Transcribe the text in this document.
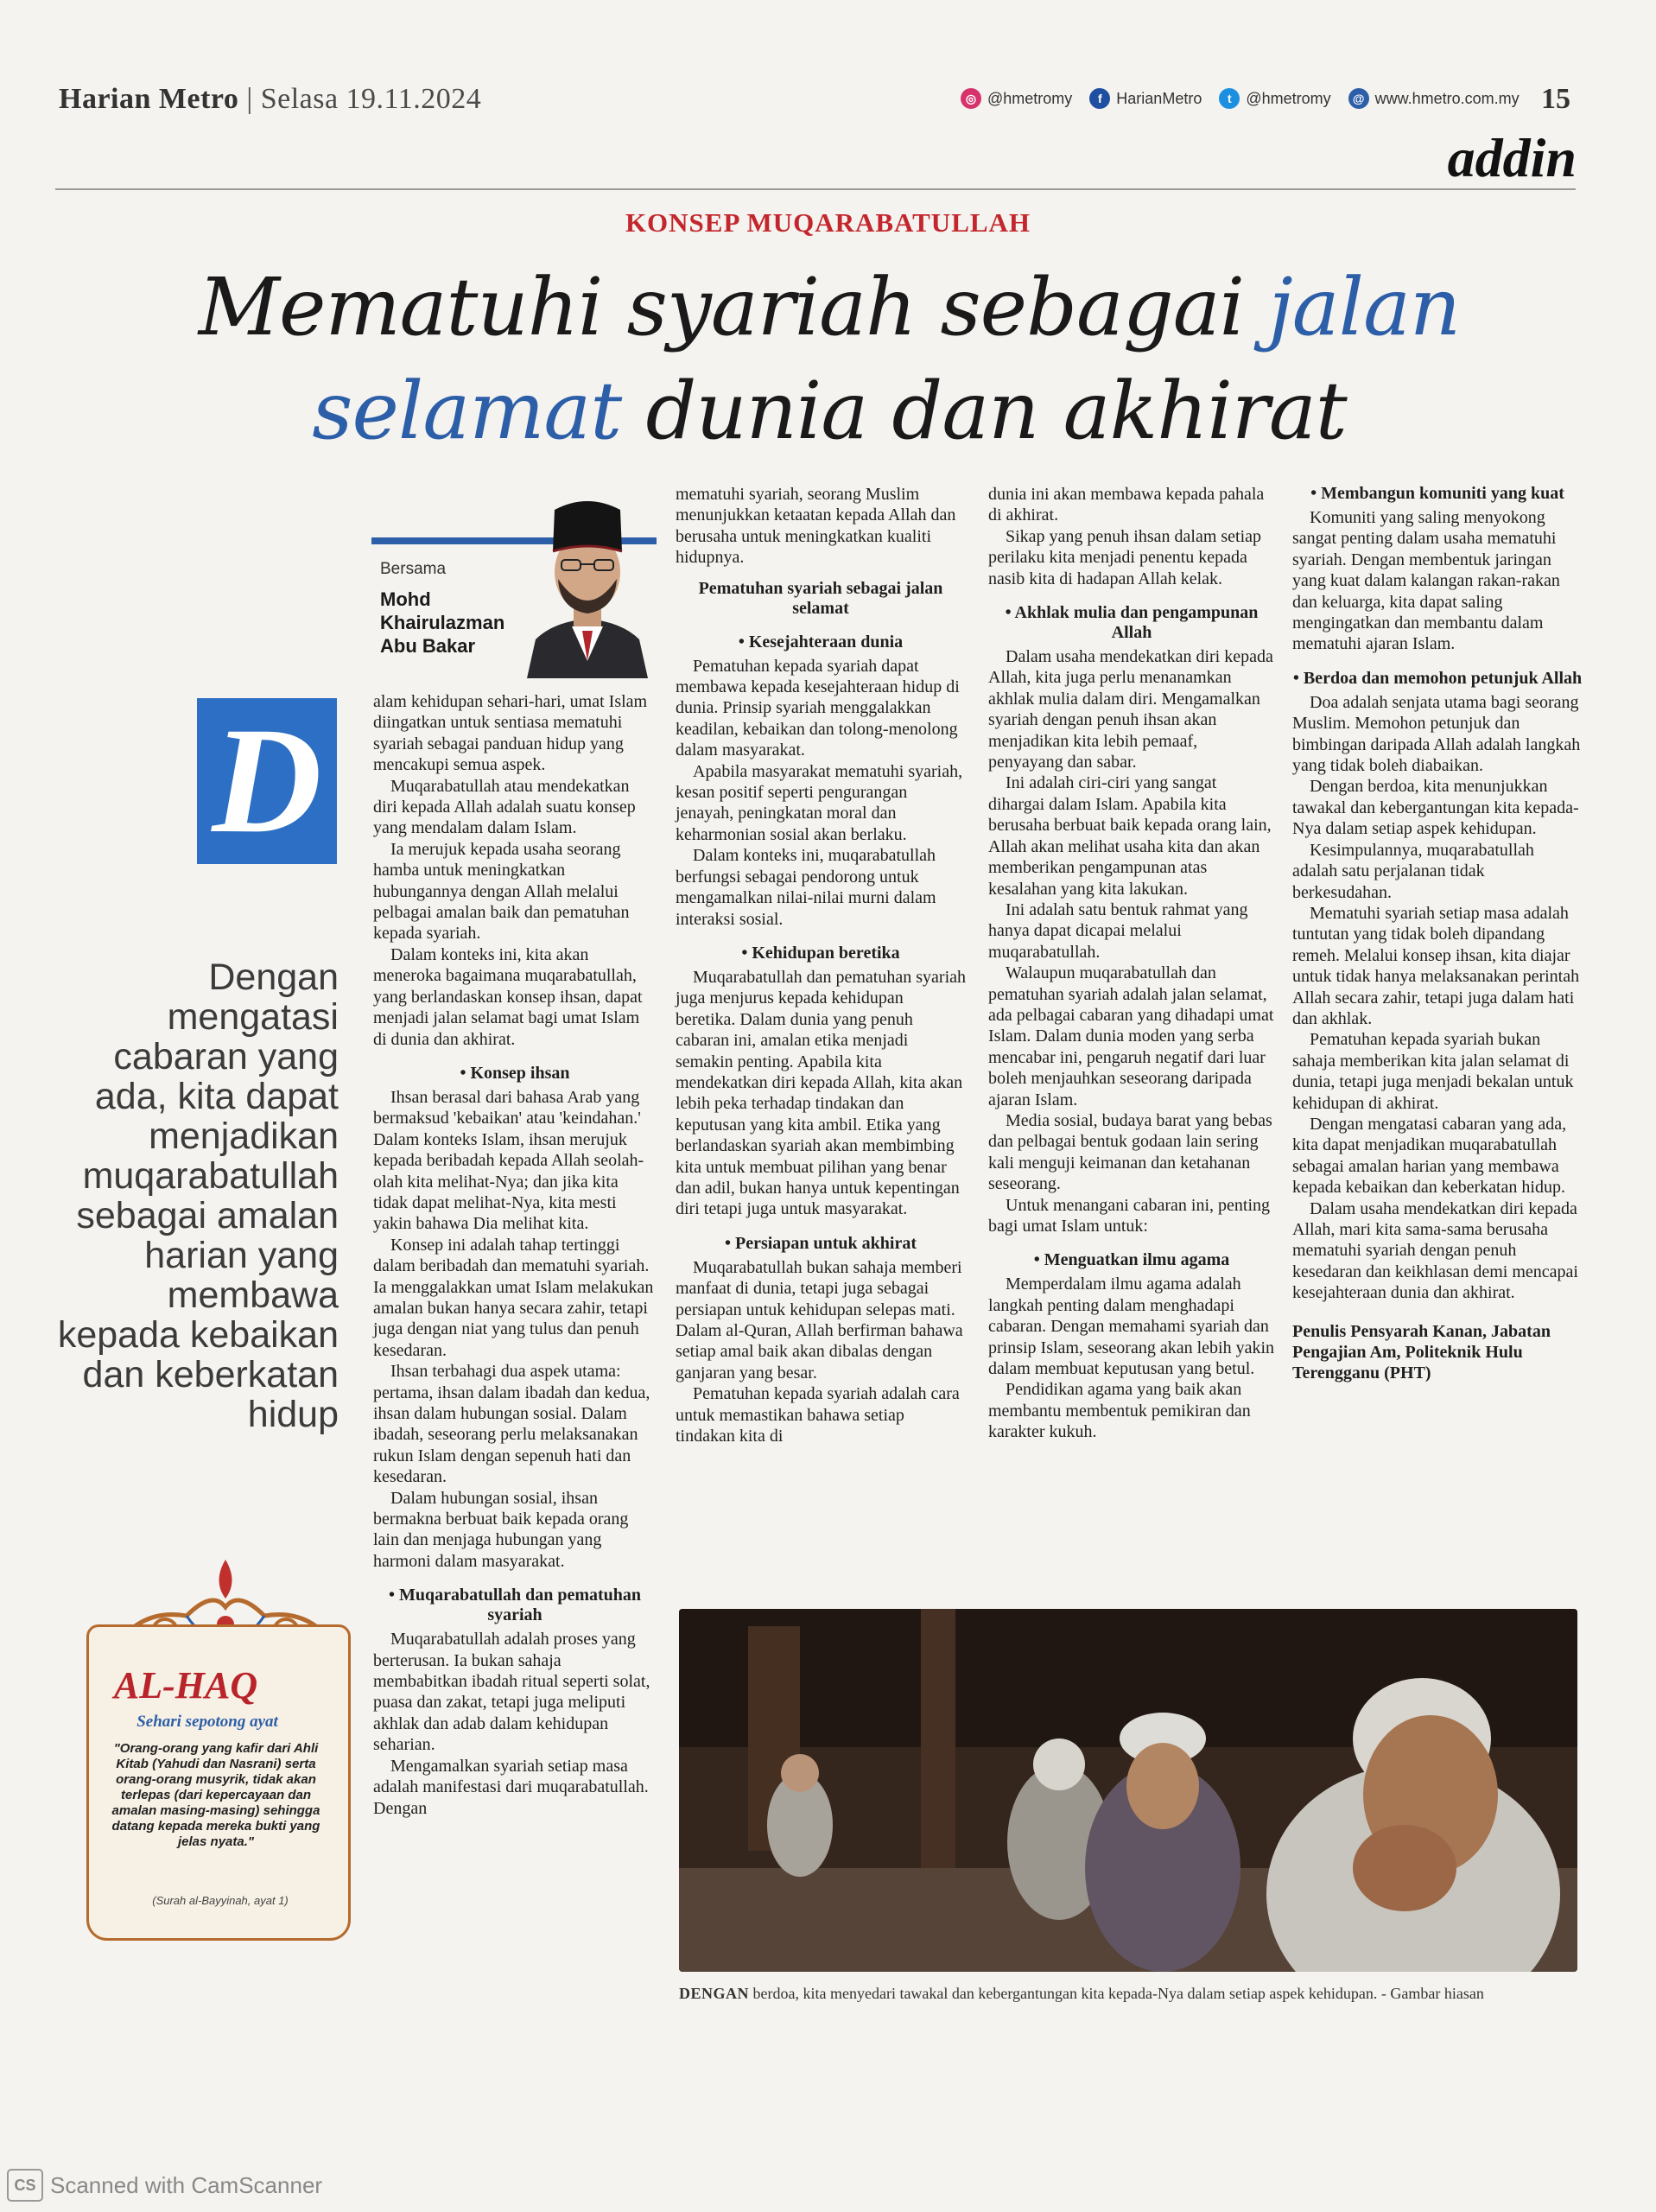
Harian Metro | Selasa 19.11.2024	◎ @hmetromy	f HarianMetro	t @hmetromy	@ www.hmetro.com.my 15
addin
KONSEP MUQARABATULLAH
Mematuhi syariah sebagai jalan
selamat dunia dan akhirat
Bersama
Mohd Khairulazman Abu Bakar
D
Dengan mengatasi cabaran yang ada, kita dapat menjadikan muqarabatullah sebagai amalan harian yang membawa kepada kebaikan dan keberkatan hidup
AL-HAQ
Sehari sepotong ayat
"Orang-orang yang kafir dari Ahli Kitab (Yahudi dan Nasrani) serta orang-orang musyrik, tidak akan terlepas (dari kepercayaan dan amalan masing-masing) sehingga datang kepada mereka bukti yang jelas nyata."
(Surah al-Bayyinah, ayat 1)

alam kehidupan sehari-hari, umat Islam diingatkan untuk sentiasa mematuhi syariah sebagai panduan hidup yang mencakupi semua aspek.

Muqarabatullah atau mendekatkan diri kepada Allah adalah suatu konsep yang mendalam dalam Islam.

Ia merujuk kepada usaha seorang hamba untuk meningkatkan hubungannya dengan Allah melalui pelbagai amalan baik dan pematuhan kepada syariah.

Dalam konteks ini, kita akan meneroka bagaimana muqarabatullah, yang berlandaskan konsep ihsan, dapat menjadi jalan selamat bagi umat Islam di dunia dan akhirat.

• Konsep ihsan

Ihsan berasal dari bahasa Arab yang bermaksud 'kebaikan' atau 'keindahan.' Dalam konteks Islam, ihsan merujuk kepada beribadah kepada Allah seolah-olah kita melihat-Nya; dan jika kita tidak dapat melihat-Nya, kita mesti yakin bahawa Dia melihat kita.

Konsep ini adalah tahap tertinggi dalam beribadah dan mematuhi syariah. Ia menggalakkan umat Islam melakukan amalan bukan hanya secara zahir, tetapi juga dengan niat yang tulus dan penuh kesedaran.

Ihsan terbahagi dua aspek utama: pertama, ihsan dalam ibadah dan kedua, ihsan dalam hubungan sosial. Dalam ibadah, seseorang perlu melaksanakan rukun Islam dengan sepenuh hati dan kesedaran.

Dalam hubungan sosial, ihsan bermakna berbuat baik kepada orang lain dan menjaga hubungan yang harmoni dalam masyarakat.

• Muqarabatullah dan pematuhan syariah

Muqarabatullah adalah proses yang berterusan. Ia bukan sahaja membabitkan ibadah ritual seperti solat, puasa dan zakat, tetapi juga meliputi akhlak dan adab dalam kehidupan seharian.

Mengamalkan syariah setiap masa adalah manifestasi dari muqarabatullah. Dengan

mematuhi syariah, seorang Muslim menunjukkan ketaatan kepada Allah dan berusaha untuk meningkatkan kualiti hidupnya.

Pematuhan syariah sebagai jalan selamat
• Kesejahteraan dunia

Pematuhan kepada syariah dapat membawa kepada kesejahteraan hidup di dunia. Prinsip syariah menggalakkan keadilan, kebaikan dan tolong-menolong dalam masyarakat.

Apabila masyarakat mematuhi syariah, kesan positif seperti pengurangan jenayah, peningkatan moral dan keharmonian sosial akan berlaku.

Dalam konteks ini, muqarabatullah berfungsi sebagai pendorong untuk mengamalkan nilai-nilai murni dalam interaksi sosial.

• Kehidupan beretika

Muqarabatullah dan pematuhan syariah juga menjurus kepada kehidupan beretika. Dalam dunia yang penuh cabaran ini, amalan etika menjadi semakin penting. Apabila kita mendekatkan diri kepada Allah, kita akan lebih peka terhadap tindakan dan keputusan yang kita ambil. Etika yang berlandaskan syariah akan membimbing kita untuk membuat pilihan yang benar dan adil, bukan hanya untuk kepentingan diri tetapi juga untuk masyarakat.

• Persiapan untuk akhirat

Muqarabatullah bukan sahaja memberi manfaat di dunia, tetapi juga sebagai persiapan untuk kehidupan selepas mati. Dalam al-Quran, Allah berfirman bahawa setiap amal baik akan dibalas dengan ganjaran yang besar.

Pematuhan kepada syariah adalah cara untuk memastikan bahawa setiap tindakan kita di

dunia ini akan membawa kepada pahala di akhirat.

Sikap yang penuh ihsan dalam setiap perilaku kita menjadi penentu kepada nasib kita di hadapan Allah kelak.

• Akhlak mulia dan pengampunan Allah

Dalam usaha mendekatkan diri kepada Allah, kita juga perlu menanamkan akhlak mulia dalam diri. Mengamalkan syariah dengan penuh ihsan akan menjadikan kita lebih pemaaf, penyayang dan sabar.

Ini adalah ciri-ciri yang sangat dihargai dalam Islam. Apabila kita berusaha berbuat baik kepada orang lain, Allah akan melihat usaha kita dan akan memberikan pengampunan atas kesalahan yang kita lakukan.

Ini adalah satu bentuk rahmat yang hanya dapat dicapai melalui muqarabatullah.

Walaupun muqarabatullah dan pematuhan syariah adalah jalan selamat, ada pelbagai cabaran yang dihadapi umat Islam. Dalam dunia moden yang serba mencabar ini, pengaruh negatif dari luar boleh menjauhkan seseorang daripada ajaran Islam.

Media sosial, budaya barat yang bebas dan pelbagai bentuk godaan lain sering kali menguji keimanan dan ketahanan seseorang.

Untuk menangani cabaran ini, penting bagi umat Islam untuk:

• Menguatkan ilmu agama

Memperdalam ilmu agama adalah langkah penting dalam menghadapi cabaran. Dengan memahami syariah dan prinsip Islam, seseorang akan lebih yakin dalam membuat keputusan yang betul.

Pendidikan agama yang baik akan membantu membentuk pemikiran dan karakter kukuh.

• Membangun komuniti yang kuat

Komuniti yang saling menyokong sangat penting dalam usaha mematuhi syariah. Dengan membentuk jaringan yang kuat dalam kalangan rakan-rakan dan keluarga, kita dapat saling mengingatkan dan membantu dalam mematuhi ajaran Islam.

• Berdoa dan memohon petunjuk Allah

Doa adalah senjata utama bagi seorang Muslim. Memohon petunjuk dan bimbingan daripada Allah adalah langkah yang tidak boleh diabaikan.

Dengan berdoa, kita menunjukkan tawakal dan kebergantungan kita kepada-Nya dalam setiap aspek kehidupan.

Kesimpulannya, muqarabatullah adalah satu perjalanan tidak berkesudahan.

Mematuhi syariah setiap masa adalah tuntutan yang tidak boleh dipandang remeh. Melalui konsep ihsan, kita diajar untuk tidak hanya melaksanakan perintah Allah secara zahir, tetapi juga dalam hati dan akhlak.

Pematuhan kepada syariah bukan sahaja memberikan kita jalan selamat di dunia, tetapi juga menjadi bekalan untuk kehidupan di akhirat.

Dengan mengatasi cabaran yang ada, kita dapat menjadikan muqarabatullah sebagai amalan harian yang membawa kepada kebaikan dan keberkatan hidup.

Dalam usaha mendekatkan diri kepada Allah, mari kita sama-sama berusaha mematuhi syariah dengan penuh kesedaran dan keikhlasan demi mencapai kesejahteraan dunia dan akhirat.

Penulis Pensyarah Kanan, Jabatan Pengajian Am, Politeknik Hulu Terengganu (PHT)

DENGAN berdoa, kita menyedari tawakal dan kebergantungan kita kepada-Nya dalam setiap aspek kehidupan. - Gambar hiasan
CS Scanned with CamScanner
